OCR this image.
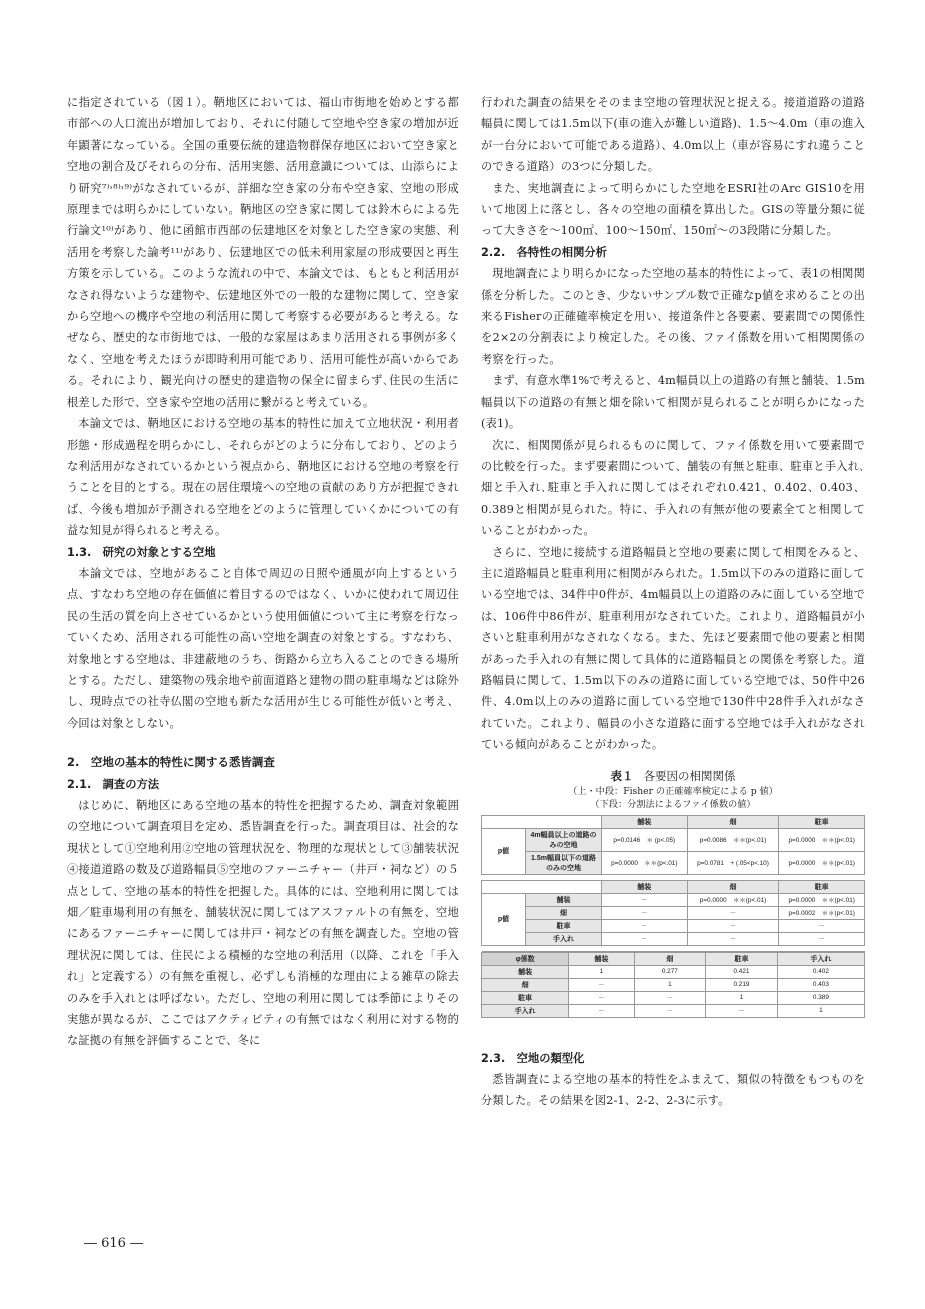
に指定されている（図１）。鞆地区においては、福山市街地を始めとする都市部への人口流出が増加しており、それに付随して空地や空き家の増加が近年顕著になっている。全国の重要伝統的建造物群保存地区において空き家と空地の割合及びそれらの分布、活用実態、活用意識については、山添らにより研究⁷⁾˒⁸⁾˒⁹⁾がなされているが、詳細な空き家の分布や空き家、空地の形成原理までは明らかにしていない。鞆地区の空き家に関しては鈴木らによる先行論文¹⁰⁾があり、他に函館市西部の伝建地区を対象とした空き家の実態、利活用を考察した論考¹¹⁾があり、伝建地区での低未利用家屋の形成要因と再生方策を示している。このような流れの中で、本論文では、もともと利活用がなされ得ないような建物や、伝建地区外での一般的な建物に関して、空き家から空地への機序や空地の利活用に関して考察する必要があると考える。なぜなら、歴史的な市街地では、一般的な家屋はあまり活用される事例が多くなく、空地を考えたほうが即時利用可能であり、活用可能性が高いからである。それにより、観光向けの歴史的建造物の保全に留まらず､住民の生活に根差した形で、空き家や空地の活用に繋がると考えている。

本論文では、鞆地区における空地の基本的特性に加えて立地状況・利用者形態・形成過程を明らかにし、それらがどのように分布しており、どのような利活用がなされているかという視点から、鞆地区における空地の考察を行うことを目的とする。現在の居住環境への空地の貢献のあり方が把握できれば、今後も増加が予測される空地をどのように管理していくかについての有益な知見が得られると考える。

1.3.　研究の対象とする空地

本論文では、空地があること自体で周辺の日照や通風が向上するという点、すなわち空地の存在価値に着目するのではなく、いかに使われて周辺住民の生活の質を向上させているかという使用価値について主に考察を行なっていくため、活用される可能性の高い空地を調査の対象とする。すなわち、対象地とする空地は、非建蔽地のうち、街路から立ち入ることのできる場所とする。ただし、建築物の残余地や前面道路と建物の間の駐車場などは除外し、現時点での社寺仏閣の空地も新たな活用が生じる可能性が低いと考え、今回は対象としない。

2.　空地の基本的特性に関する悉皆調査
2.1.　調査の方法

はじめに、鞆地区にある空地の基本的特性を把握するため、調査対象範囲の空地について調査項目を定め、悉皆調査を行った。調査項目は、社会的な現状として①空地利用②空地の管理状況を、物理的な現状として③舗装状況④接道道路の数及び道路幅員⑤空地のファーニチャー（井戸・祠など）の５点として、空地の基本的特性を把握した。具体的には、空地利用に関しては畑／駐車場利用の有無を、舗装状況に関してはアスファルトの有無を、空地にあるファーニチャーに関しては井戸・祠などの有無を調査した。空地の管理状況に関しては、住民による積極的な空地の利活用（以降、これを「手入れ」と定義する）の有無を重視し、必ずしも消極的な理由による雑草の除去のみを手入れとは呼ばない。ただし、空地の利用に関しては季節によりその実態が異なるが、ここではアクティビティの有無ではなく利用に対する物的な証拠の有無を評価することで、冬に

行われた調査の結果をそのまま空地の管理状況と捉える。接道道路の道路幅員に関しては1.5m以下(車の進入が難しい道路)、1.5～4.0m（車の進入が一台分において可能である道路）、4.0m以上（車が容易にすれ違うことのできる道路）の3つに分類した。

また、実地調査によって明らかにした空地をESRI社のArc GIS10を用いて地図上に落とし、各々の空地の面積を算出した。GISの等量分類に従って大きさを～100㎡、100～150㎡、150㎡～の3段階に分類した。

2.2.　各特性の相関分析

現地調査により明らかになった空地の基本的特性によって、表1の相関関係を分析した。このとき、少ないサンプル数で正確なp値を求めることの出来るFisherの正確確率検定を用い、接道条件と各要素、要素間での関係性を2×2の分割表により検定した。その後、ファイ係数を用いて相関関係の考察を行った。

まず、有意水準1%で考えると、4m幅員以上の道路の有無と舗装、1.5m幅員以下の道路の有無と畑を除いて相関が見られることが明らかになった(表1)。

次に、相関関係が見られるものに関して、ファイ係数を用いて要素間での比較を行った。まず要素間について、舗装の有無と駐車、駐車と手入れ､畑と手入れ､駐車と手入れに関してはそれぞれ0.421、0.402、0.403、0.389と相関が見られた。特に、手入れの有無が他の要素全てと相関していることがわかった。

さらに、空地に接続する道路幅員と空地の要素に関して相関をみると、主に道路幅員と駐車利用に相関がみられた。1.5m以下のみの道路に面している空地では、34件中0件が、4m幅員以上の道路のみに面している空地では、106件中86件が、駐車利用がなされていた。これより、道路幅員が小さいと駐車利用がなされなくなる。また、先ほど要素間で他の要素と相関があった手入れの有無に関して具体的に道路幅員との関係を考察した。道路幅員に関して、1.5m以下のみの道路に面している空地では、50件中26件、4.0m以上のみの道路に面している空地で130件中28件手入れがなされていた。これより、幅員の小さな道路に面する空地では手入れがなされている傾向があることがわかった。

表１ 各要因の相関関係
（上・中段：Fisher の正確確率検定による p 値）
（下段：分割法によるファイ係数の値）
		舗装	畑	駐車
p値	4m幅員以上の道路のみの空地	p=0.0146　＊ (p<.05)	p=0.0086　＊＊(p<.01)	p=0.0000　＊＊(p<.01)
	1.5m幅員以下の道路のみの空地	p=0.0000　＊＊(p<.01)	p=0.0781　+ (.05<p<.10)	p=0.0000　＊＊(p<.01)

		舗装	畑	駐車
p値	舗装	－	p=0.0000　＊＊(p<.01)	p=0.0000　＊＊(p<.01)
	畑	－	－	p=0.0002　＊＊(p<.01)
	駐車	－	－	－
	手入れ	－	－	－

φ係数	舗装	畑	駐車	手入れ
舗装	1	0.277	0.421	0.402
畑	－	1	0.219	0.403
駐車	－	－	1	0.389
手入れ	－	－	－	1
2.3.　空地の類型化

悉皆調査による空地の基本的特性をふまえて、類似の特徴をもつものを分類した。その結果を図2-1、2-2、2-3に示す。

― 616 ―
